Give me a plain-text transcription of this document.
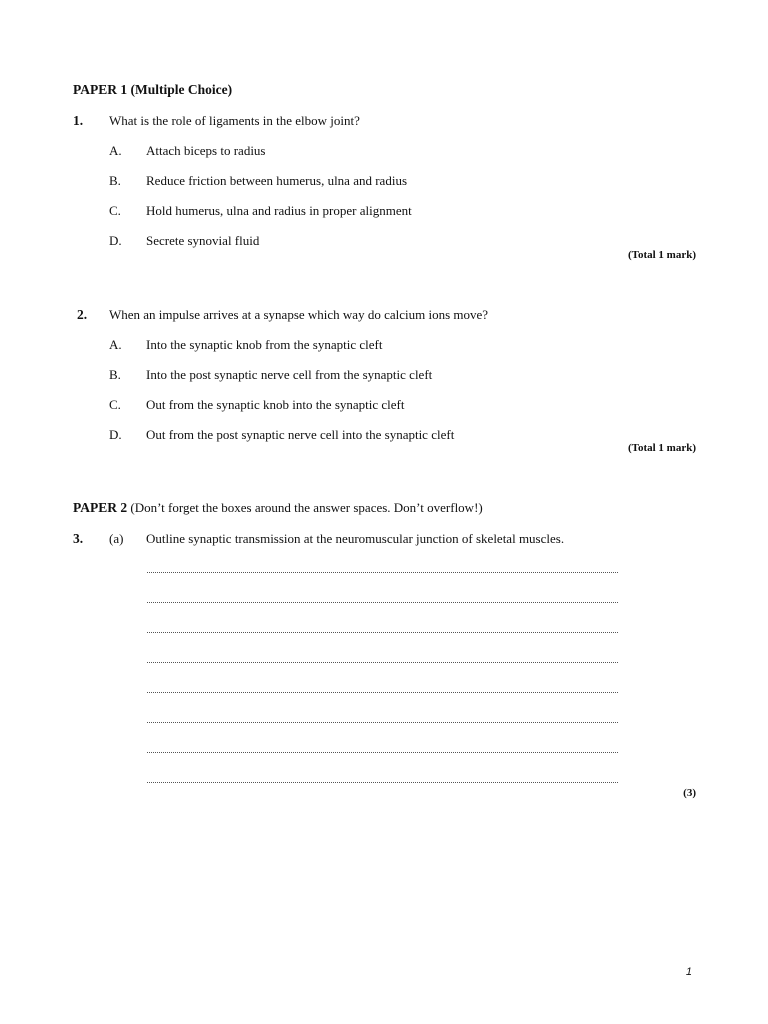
PAPER 1 (Multiple Choice)
1. What is the role of ligaments in the elbow joint?
A. Attach biceps to radius
B. Reduce friction between humerus, ulna and radius
C. Hold humerus, ulna and radius in proper alignment
D. Secrete synovial fluid
(Total 1 mark)
2. When an impulse arrives at a synapse which way do calcium ions move?
A. Into the synaptic knob from the synaptic cleft
B. Into the post synaptic nerve cell from the synaptic cleft
C. Out from the synaptic knob into the synaptic cleft
D. Out from the post synaptic nerve cell into the synaptic cleft
(Total 1 mark)
PAPER 2 (Don’t forget the boxes around the answer spaces. Don’t overflow!)
3. (a) Outline synaptic transmission at the neuromuscular junction of skeletal muscles.
(3)
1
